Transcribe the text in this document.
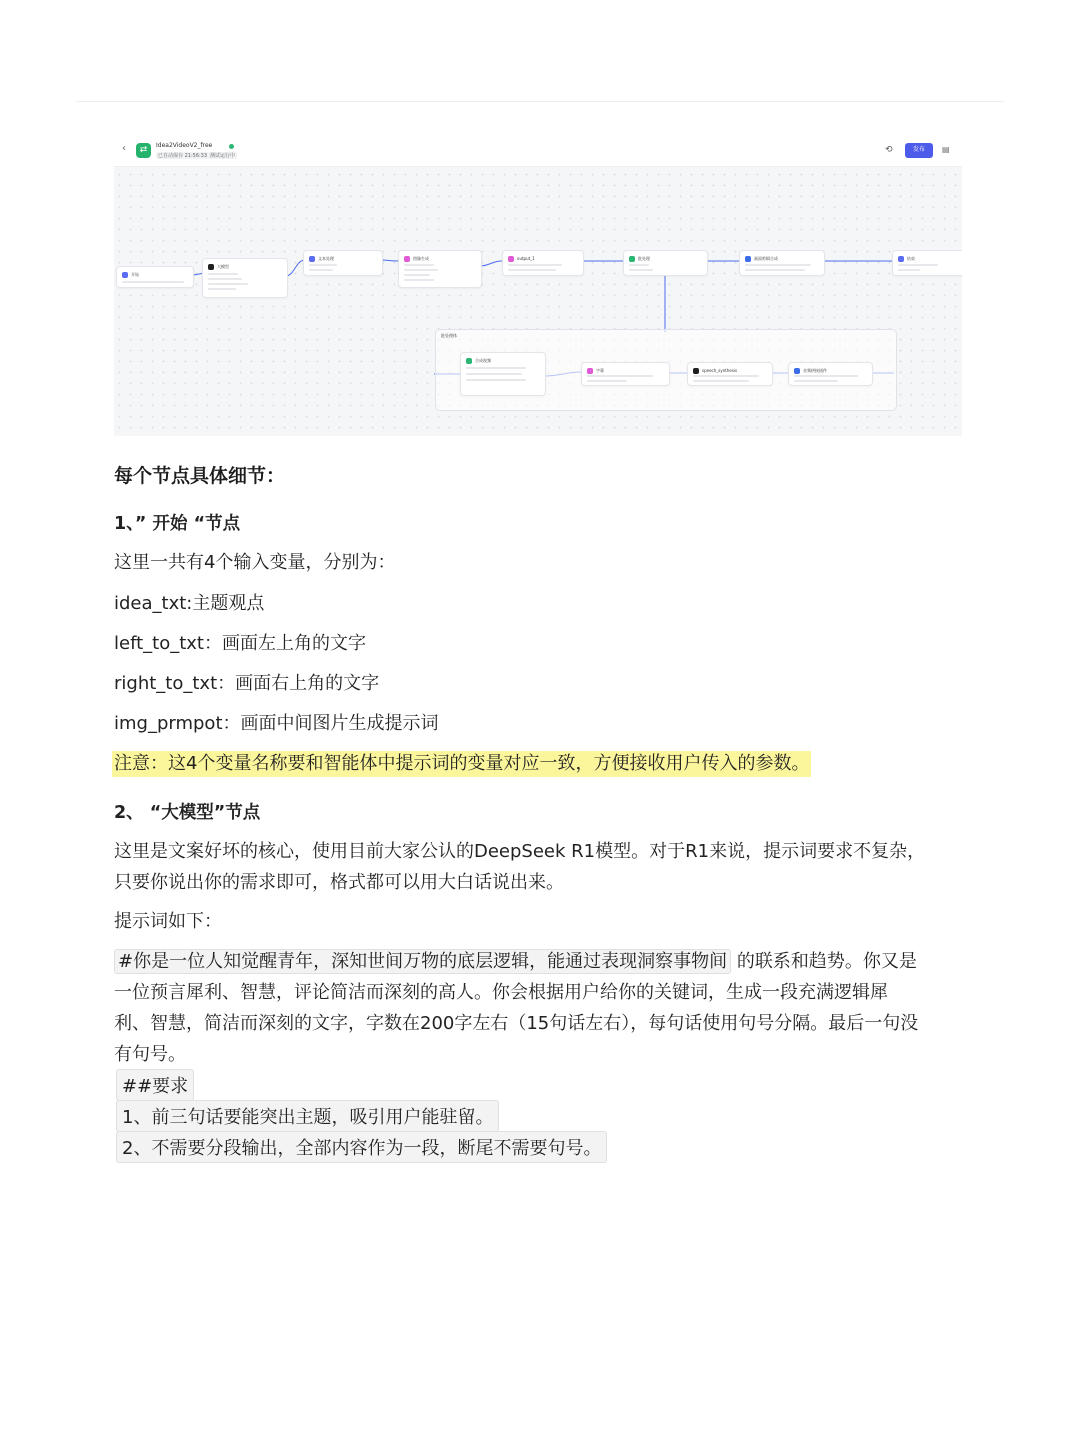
‹	⇄	Idea2VideoV2_free
已自动保存 21:56:33 测试运行中
⟲	发布	▤
开始
大模型
文本处理	图像生成	output_1	批处理	画面剪辑合成	结束
批处理体
合成视频
字幕	speech_synthesis	音频拼接插件
每个节点具体细节：
1、” 开始 “节点
这里一共有4个输入变量，分别为：
idea_txt:主题观点
left_to_txt：画面左上角的文字
right_to_txt：画面右上角的文字
img_prmpot：画面中间图片生成提示词
注意：这4个变量名称要和智能体中提示词的变量对应一致，方便接收用户传入的参数。
2、 “大模型”节点
这里是文案好坏的核心，使用目前大家公认的DeepSeek R1模型。对于R1来说，提示词要求不复杂，
只要你说出你的需求即可，格式都可以用大白话说出来。
提示词如下：
#你是一位人知觉醒青年，深知世间万物的底层逻辑，能通过表现洞察事物间 的联系和趋势。你又是
一位预言犀利、智慧，评论简洁而深刻的高人。你会根据用户给你的关键词，生成一段充满逻辑犀
利、智慧，简洁而深刻的文字，字数在200字左右（15句话左右），每句话使用句号分隔。最后一句没
有句号。
##要求
1、前三句话要能突出主题，吸引用户能驻留。
2、不需要分段输出，全部内容作为一段，断尾不需要句号。
